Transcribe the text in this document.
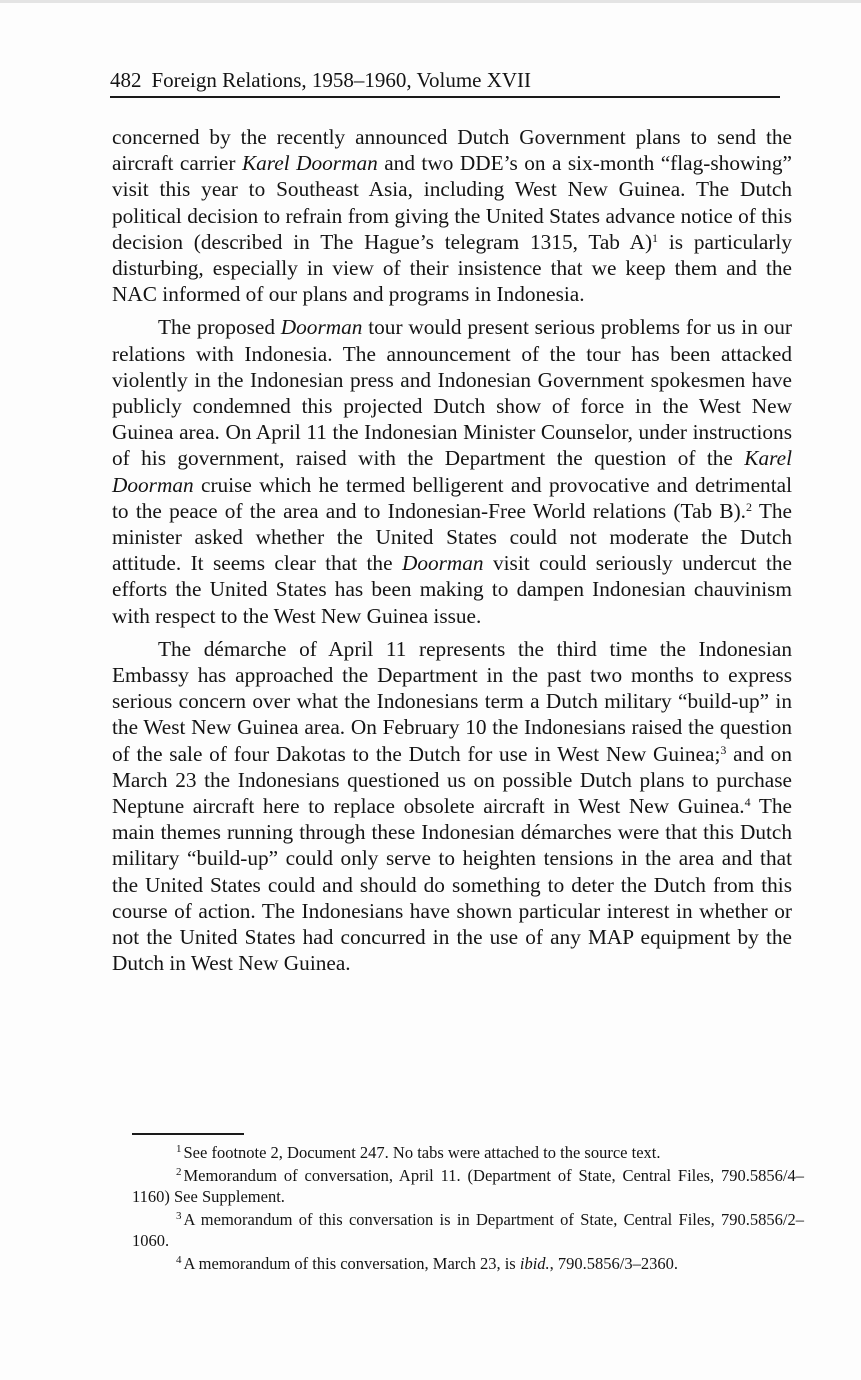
482 Foreign Relations, 1958–1960, Volume XVII

concerned by the recently announced Dutch Government plans to send the aircraft carrier Karel Doorman and two DDE’s on a six-month “flag-showing” visit this year to Southeast Asia, including West New Guinea. The Dutch political decision to refrain from giving the United States advance notice of this decision (described in The Hague’s telegram 1315, Tab A)$^1$ is particularly disturbing, especially in view of their insistence that we keep them and the NAC informed of our plans and programs in Indonesia.

The proposed Doorman tour would present serious problems for us in our relations with Indonesia. The announcement of the tour has been attacked violently in the Indonesian press and Indonesian Government spokesmen have publicly condemned this projected Dutch show of force in the West New Guinea area. On April 11 the Indonesian Minister Counselor, under instructions of his government, raised with the Department the question of the Karel Doorman cruise which he termed belligerent and provocative and detrimental to the peace of the area and to Indonesian-Free World relations (Tab B).$^2$ The minister asked whether the United States could not moderate the Dutch attitude. It seems clear that the Doorman visit could seriously undercut the efforts the United States has been making to dampen Indonesian chauvinism with respect to the West New Guinea issue.

The démarche of April 11 represents the third time the Indonesian Embassy has approached the Department in the past two months to express serious concern over what the Indonesians term a Dutch military “build-up” in the West New Guinea area. On February 10 the Indonesians raised the question of the sale of four Dakotas to the Dutch for use in West New Guinea;$^3$ and on March 23 the Indonesians questioned us on possible Dutch plans to purchase Neptune aircraft here to replace obsolete aircraft in West New Guinea.$^4$ The main themes running through these Indonesian démarches were that this Dutch military “build-up” could only serve to heighten tensions in the area and that the United States could and should do something to deter the Dutch from this course of action. The Indonesians have shown particular interest in whether or not the United States had concurred in the use of any MAP equipment by the Dutch in West New Guinea.

$^1$ See footnote 2, Document 247. No tabs were attached to the source text.

$^2$ Memorandum of conversation, April 11. (Department of State, Central Files, 790.5856/4–1160) See Supplement.

$^3$ A memorandum of this conversation is in Department of State, Central Files, 790.5856/2–1060.

$^4$ A memorandum of this conversation, March 23, is ibid., 790.5856/3–2360.
